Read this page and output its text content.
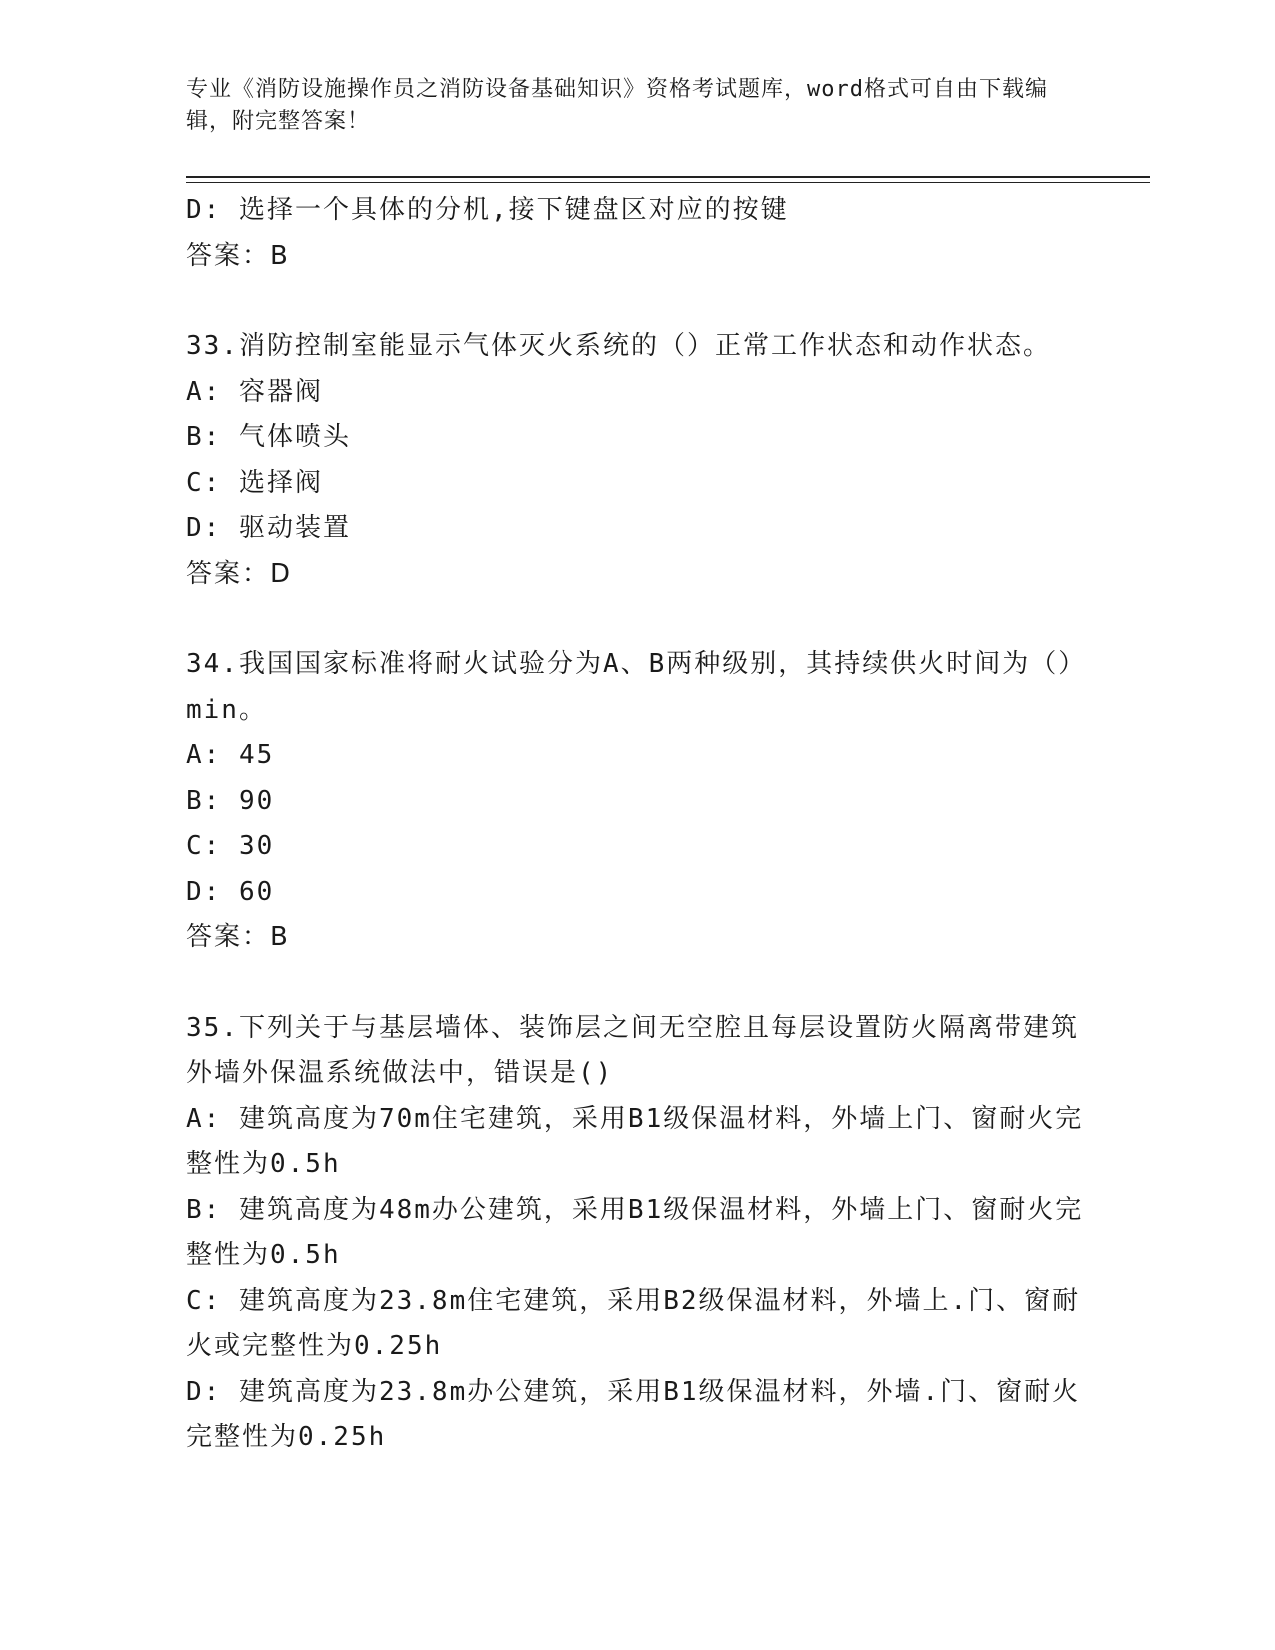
专业《消防设施操作员之消防设备基础知识》资格考试题库，word格式可自由下载编辑，附完整答案！
D: 选择一个具体的分机,接下键盘区对应的按键
答案：B
33.消防控制室能显示气体灭火系统的（）正常工作状态和动作状态。
A: 容器阀
B: 气体喷头
C: 选择阀
D: 驱动装置
答案：D
34.我国国家标准将耐火试验分为A、B两种级别，其持续供火时间为（）min。
A: 45
B: 90
C: 30
D: 60
答案：B
35.下列关于与基层墙体、装饰层之间无空腔且每层设置防火隔离带建筑外墙外保温系统做法中，错误是()
A: 建筑高度为70m住宅建筑，采用B1级保温材料，外墙上门、窗耐火完整性为0.5h
B: 建筑高度为48m办公建筑，采用B1级保温材料，外墙上门、窗耐火完整性为0.5h
C: 建筑高度为23.8m住宅建筑，采用B2级保温材料，外墙上.门、窗耐火或完整性为0.25h
D: 建筑高度为23.8m办公建筑，采用B1级保温材料，外墙.门、窗耐火完整性为0.25h
